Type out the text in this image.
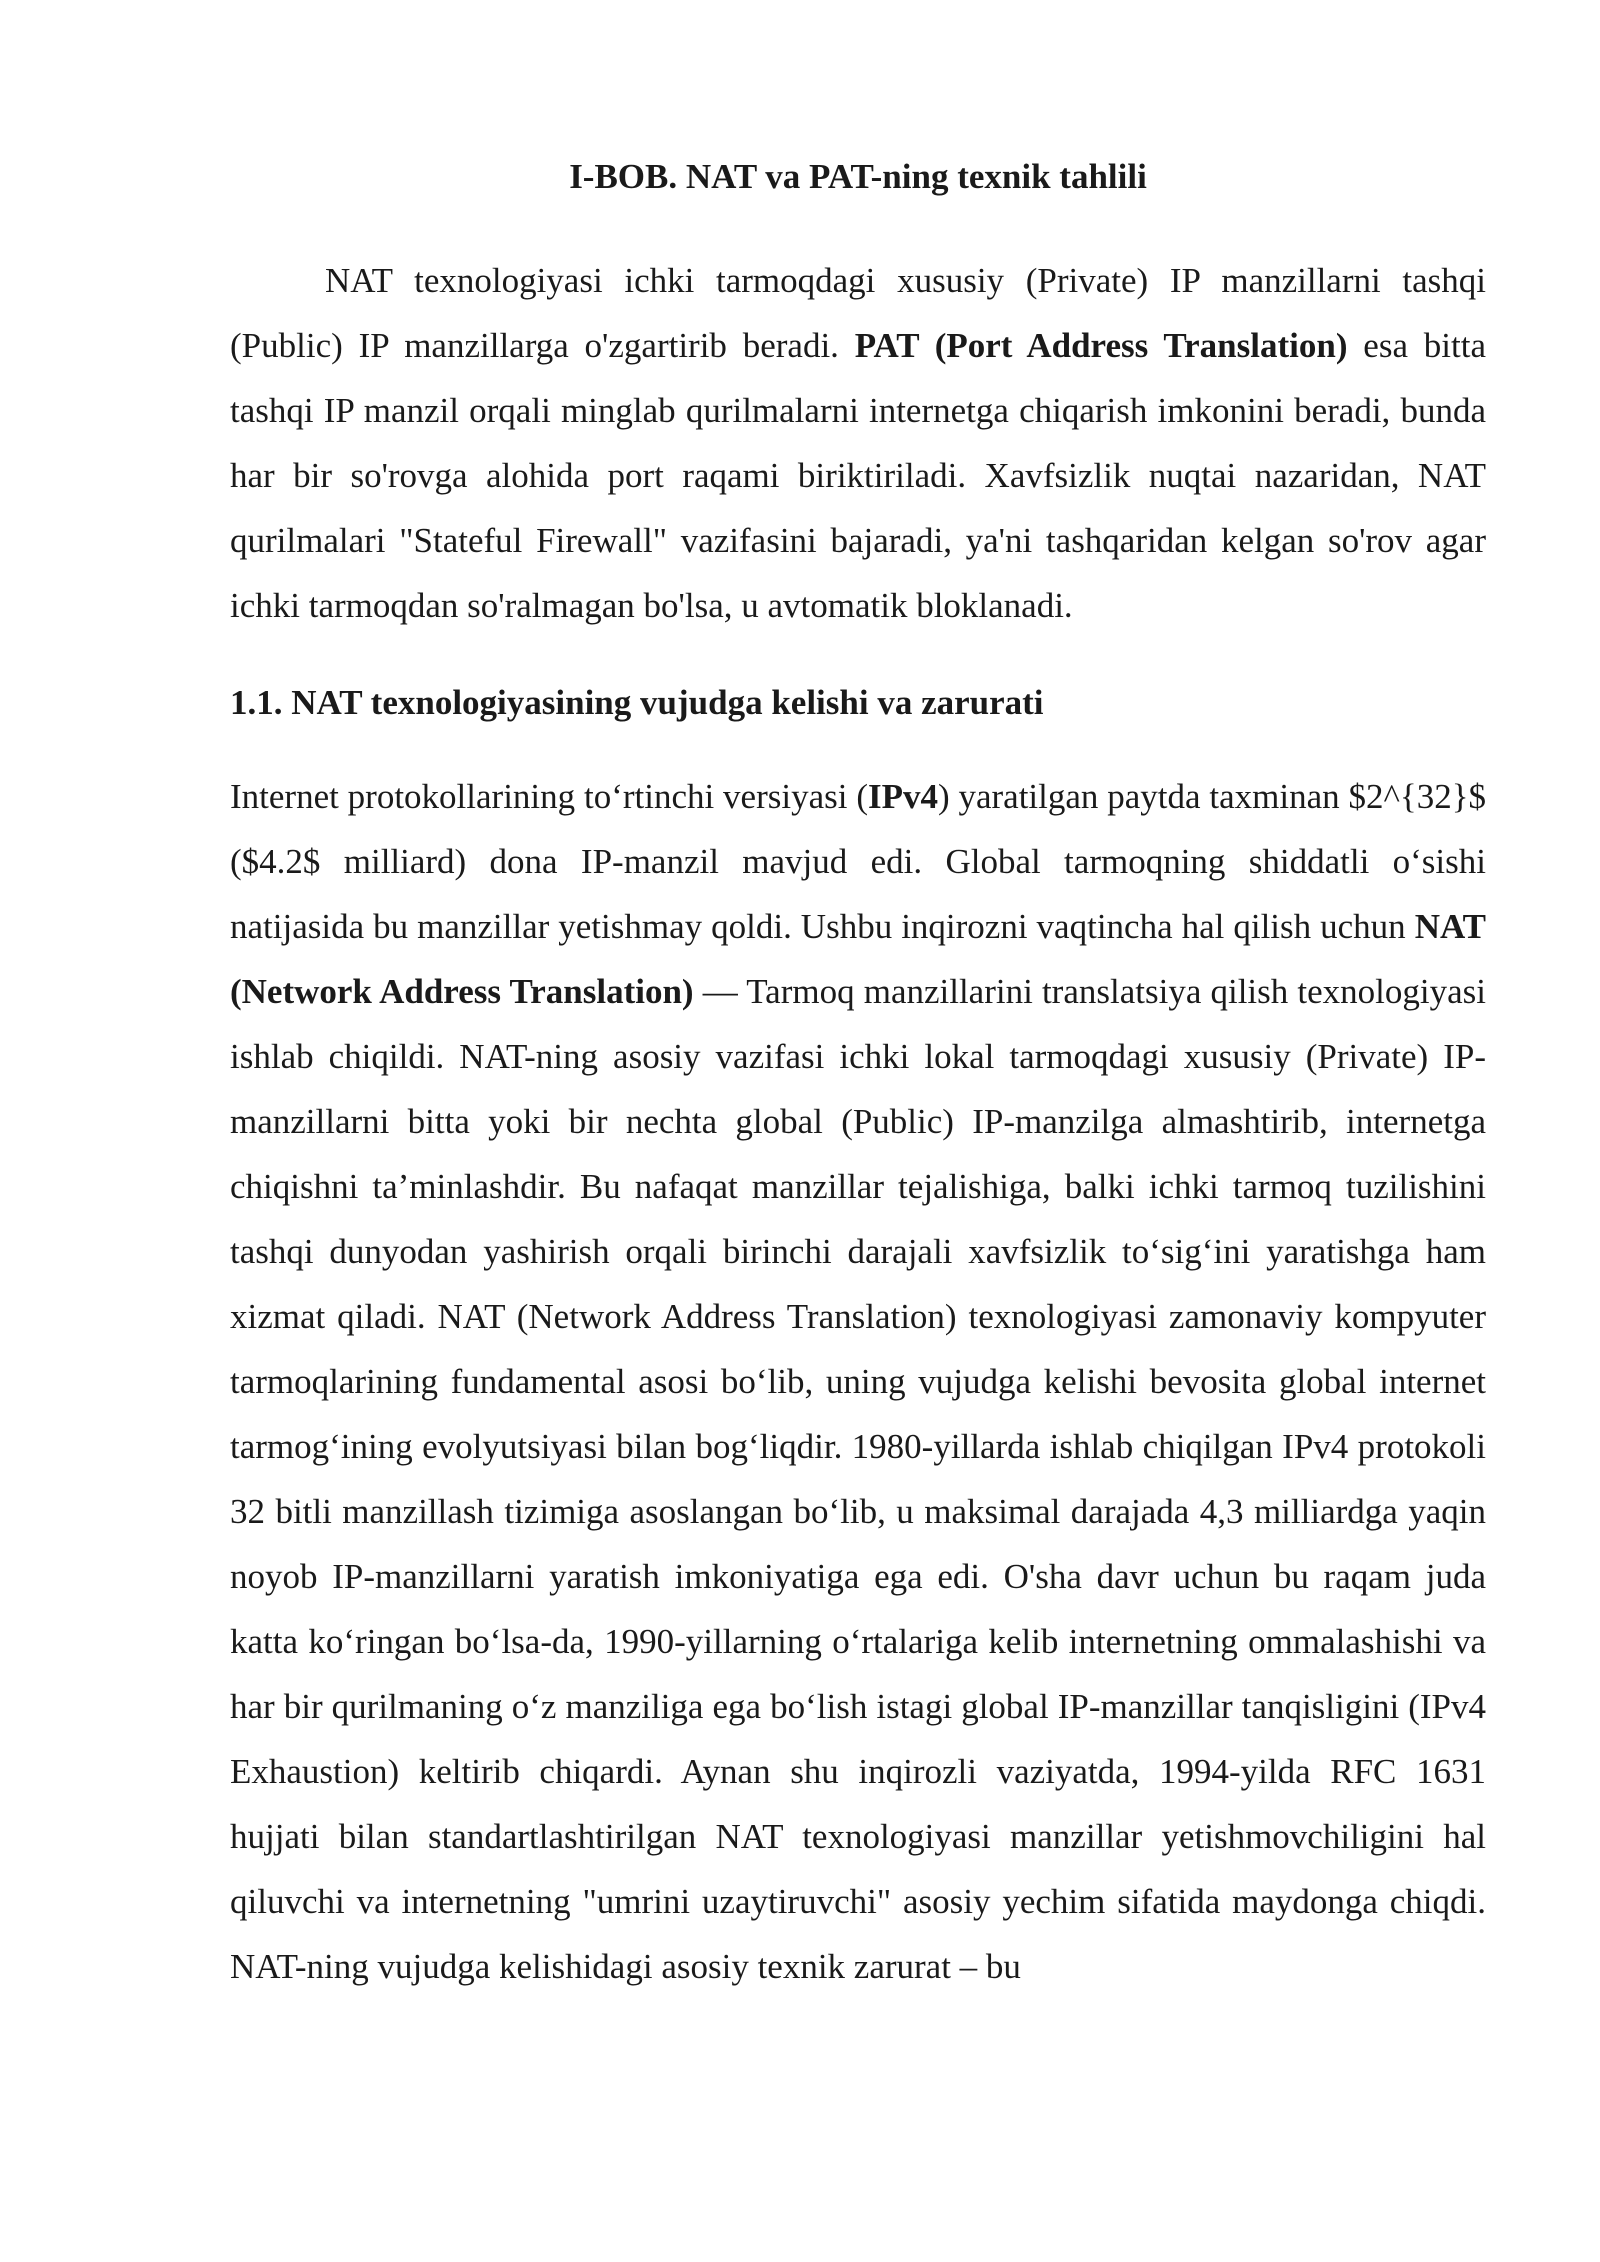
I-BOB. NAT va PAT-ning texnik tahlili

NAT texnologiyasi ichki tarmoqdagi xususiy (Private) IP manzillarni tashqi (Public) IP manzillarga o'zgartirib beradi. PAT (Port Address Translation) esa bitta tashqi IP manzil orqali minglab qurilmalarni internetga chiqarish imkonini beradi, bunda har bir so'rovga alohida port raqami biriktiriladi. Xavfsizlik nuqtai nazaridan, NAT qurilmalari "Stateful Firewall" vazifasini bajaradi, ya'ni tashqaridan kelgan so'rov agar ichki tarmoqdan so'ralmagan bo'lsa, u avtomatik bloklanadi.

1.1. NAT texnologiyasining vujudga kelishi va zarurati

Internet protokollarining to‘rtinchi versiyasi (IPv4) yaratilgan paytda taxminan $2^{32}$ ($4.2$ milliard) dona IP-manzil mavjud edi. Global tarmoqning shiddatli o‘sishi natijasida bu manzillar yetishmay qoldi. Ushbu inqirozni vaqtincha hal qilish uchun NAT (Network Address Translation) — Tarmoq manzillarini translatsiya qilish texnologiyasi ishlab chiqildi. NAT-ning asosiy vazifasi ichki lokal tarmoqdagi xususiy (Private) IP-manzillarni bitta yoki bir nechta global (Public) IP-manzilga almashtirib, internetga chiqishni ta’minlashdir. Bu nafaqat manzillar tejalishiga, balki ichki tarmoq tuzilishini tashqi dunyodan yashirish orqali birinchi darajali xavfsizlik to‘sig‘ini yaratishga ham xizmat qiladi. NAT (Network Address Translation) texnologiyasi zamonaviy kompyuter tarmoqlarining fundamental asosi bo‘lib, uning vujudga kelishi bevosita global internet tarmog‘ining evolyutsiyasi bilan bog‘liqdir. 1980-yillarda ishlab chiqilgan IPv4 protokoli 32 bitli manzillash tizimiga asoslangan bo‘lib, u maksimal darajada 4,3 milliardga yaqin noyob IP-manzillarni yaratish imkoniyatiga ega edi. O'sha davr uchun bu raqam juda katta ko‘ringan bo‘lsa-da, 1990-yillarning o‘rtalariga kelib internetning ommalashishi va har bir qurilmaning o‘z manziliga ega bo‘lish istagi global IP-manzillar tanqisligini (IPv4 Exhaustion) keltirib chiqardi. Aynan shu inqirozli vaziyatda, 1994-yilda RFC 1631 hujjati bilan standartlashtirilgan NAT texnologiyasi manzillar yetishmovchiligini hal qiluvchi va internetning "umrini uzaytiruvchi" asosiy yechim sifatida maydonga chiqdi. NAT-ning vujudga kelishidagi asosiy texnik zarurat – bu
